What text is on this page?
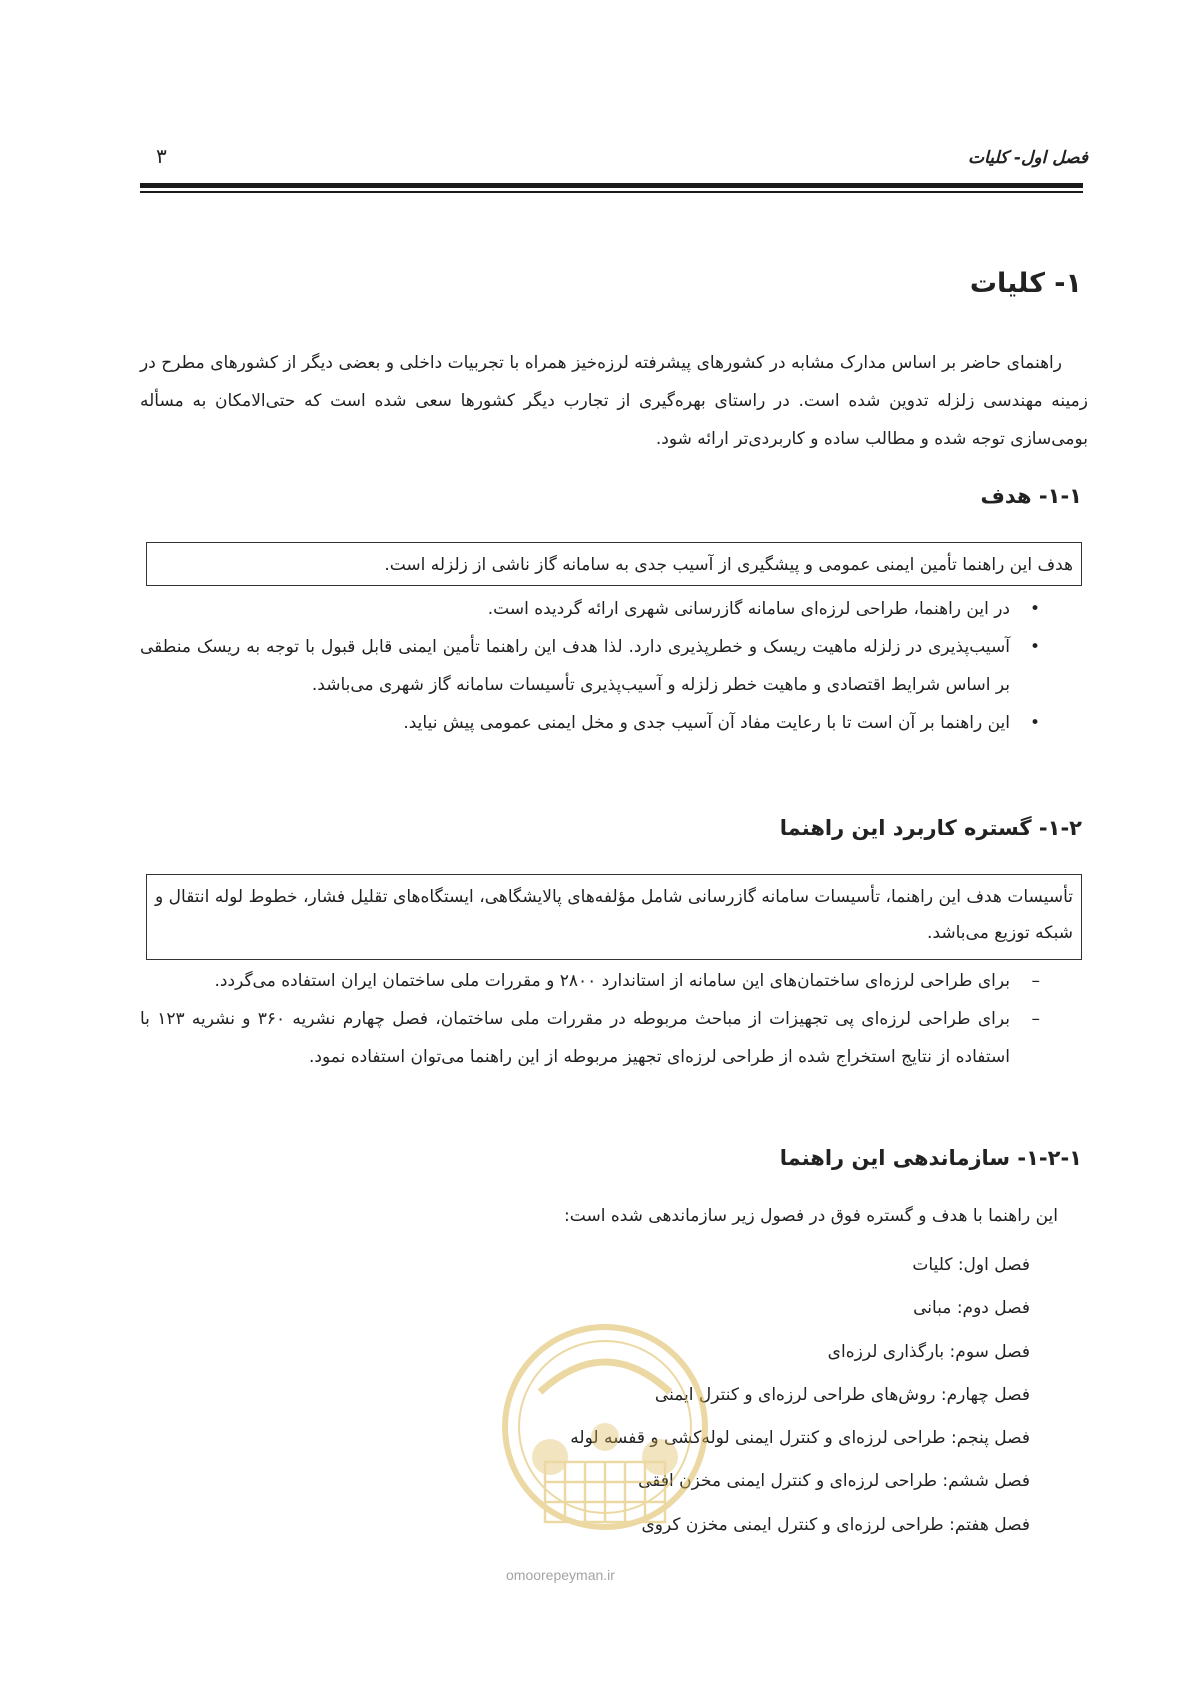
فصل اول- کلیات
۳
۱- کلیات
راهنمای حاضر بر اساس مدارک مشابه در کشورهای پیشرفته لرزه‌خیز همراه با تجربیات داخلی و بعضی دیگر از کشورهای مطرح در زمینه مهندسی زلزله تدوین شده است. در راستای بهره‌گیری از تجارب دیگر کشورها سعی شده است که حتی‌الامکان به مسأله بومی‌سازی توجه شده و مطالب ساده و کاربردی‌تر ارائه شود.
۱-۱- هدف
هدف این راهنما تأمین ایمنی عمومی و پیشگیری از آسیب جدی به سامانه گاز ناشی از زلزله است.
•
در این راهنما، طراحی لرزه‌ای سامانه گازرسانی شهری ارائه گردیده است.
•
آسیب‌پذیری در زلزله ماهیت ریسک و خطرپذیری دارد. لذا هدف این راهنما تأمین ایمنی قابل قبول با توجه به ریسک منطقی بر اساس شرایط اقتصادی و ماهیت خطر زلزله و آسیب‌پذیری تأسیسات سامانه گاز شهری می‌باشد.
•
این راهنما بر آن است تا با رعایت مفاد آن آسیب جدی و مخل ایمنی عمومی پیش نیاید.
۱-۲- گستره کاربرد این راهنما
تأسیسات هدف این راهنما، تأسیسات سامانه گازرسانی شامل مؤلفه‌های پالایشگاهی، ایستگاه‌های تقلیل فشار، خطوط لوله انتقال و شبکه توزیع می‌باشد.
–
برای طراحی لرزه‌ای ساختمان‌های این سامانه از استاندارد ۲۸۰۰ و مقررات ملی ساختمان ایران استفاده می‌گردد.
–
برای طراحی لرزه‌ای پی تجهیزات از مباحث مربوطه در مقررات ملی ساختمان، فصل چهارم نشریه ۳۶۰ و نشریه ۱۲۳ با استفاده از نتایج استخراج شده از طراحی لرزه‌ای تجهیز مربوطه از این راهنما می‌توان استفاده نمود.
۱-۲-۱- سازماندهی این راهنما
این راهنما با هدف و گستره فوق در فصول زیر سازماندهی شده است:
فصل اول: کلیات
فصل دوم: مبانی
فصل سوم: بارگذاری لرزه‌ای
فصل چهارم: روش‌های طراحی لرزه‌ای و کنترل ایمنی
فصل پنجم: طراحی لرزه‌ای و کنترل ایمنی لوله‌کشی و قفسه لوله
فصل ششم: طراحی لرزه‌ای و کنترل ایمنی مخزن افقی
فصل هفتم: طراحی لرزه‌ای و کنترل ایمنی مخزن کروی
omoorepeyman.ir
